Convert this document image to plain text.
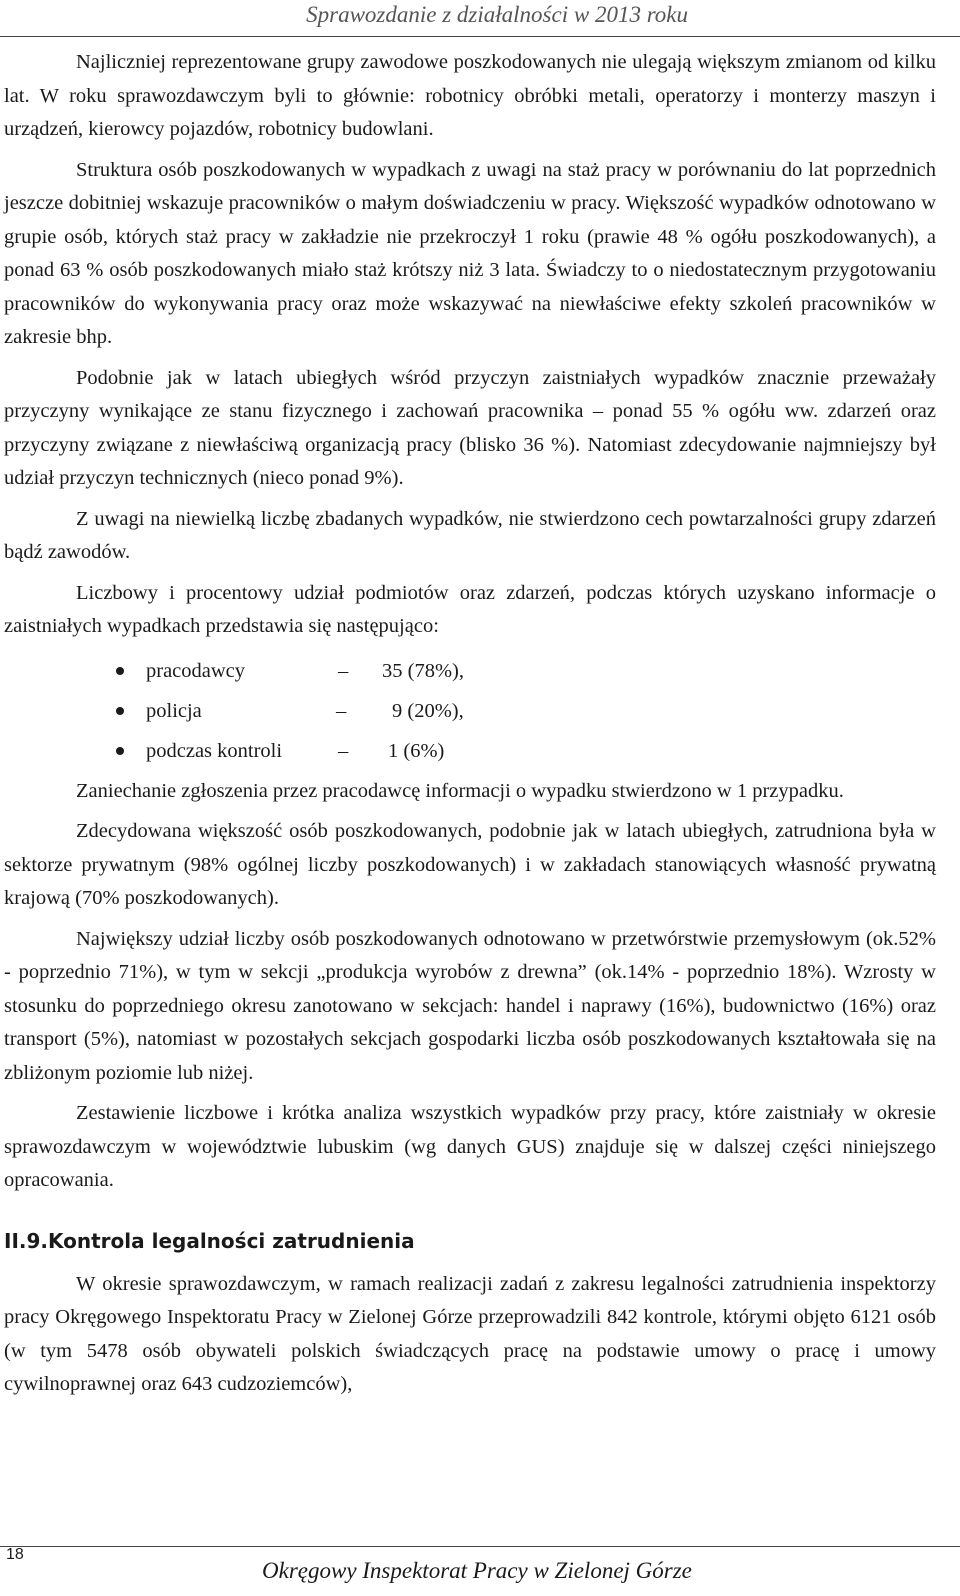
Sprawozdanie z działalności w 2013 roku

Najliczniej reprezentowane grupy zawodowe poszkodowanych nie ulegają większym zmianom od kilku lat. W roku sprawozdawczym byli to głównie: robotnicy obróbki metali, operatorzy i monterzy maszyn i urządzeń, kierowcy pojazdów, robotnicy budowlani.

Struktura osób poszkodowanych w wypadkach z uwagi na staż pracy w porównaniu do lat poprzednich jeszcze dobitniej wskazuje pracowników o małym doświadczeniu w pracy. Większość wypadków odnotowano w grupie osób, których staż pracy w zakładzie nie przekroczył 1 roku (prawie 48 % ogółu poszkodowanych), a ponad 63 % osób poszkodowanych miało staż krótszy niż 3 lata. Świadczy to o niedostatecznym przygotowaniu pracowników do wykonywania pracy oraz może wskazywać na niewłaściwe efekty szkoleń pracowników w zakresie bhp.

Podobnie jak w latach ubiegłych wśród przyczyn zaistniałych wypadków znacznie przeważały przyczyny wynikające ze stanu fizycznego i zachowań pracownika – ponad 55 % ogółu ww. zdarzeń oraz przyczyny związane z niewłaściwą organizacją pracy (blisko 36 %). Natomiast zdecydowanie najmniejszy był udział przyczyn technicznych (nieco ponad 9%).

Z uwagi na niewielką liczbę zbadanych wypadków, nie stwierdzono cech powtarzalności grupy zdarzeń bądź zawodów.

Liczbowy i procentowy udział podmiotów oraz zdarzeń, podczas których uzyskano informacje o zaistniałych wypadkach przedstawia się następująco:

pracodawcy	– 35 (78%),
policja	– 9 (20%),
podczas kontroli	– 1 (6%)

Zaniechanie zgłoszenia przez pracodawcę informacji o wypadku stwierdzono w 1 przypadku.

Zdecydowana większość osób poszkodowanych, podobnie jak w latach ubiegłych, zatrudniona była w sektorze prywatnym (98% ogólnej liczby poszkodowanych) i w zakładach stanowiących własność prywatną krajową (70% poszkodowanych).

Największy udział liczby osób poszkodowanych odnotowano w przetwórstwie przemysłowym (ok.52% - poprzednio 71%), w tym w sekcji „produkcja wyrobów z drewna” (ok.14% - poprzednio 18%). Wzrosty w stosunku do poprzedniego okresu zanotowano w sekcjach: handel i naprawy (16%), budownictwo (16%) oraz transport (5%), natomiast w pozostałych sekcjach gospodarki liczba osób poszkodowanych kształtowała się na zbliżonym poziomie lub niżej.

Zestawienie liczbowe i krótka analiza wszystkich wypadków przy pracy, które zaistniały w okresie sprawozdawczym w województwie lubuskim (wg danych GUS) znajduje się w dalszej części niniejszego opracowania.

II.9.Kontrola legalności zatrudnienia

W okresie sprawozdawczym, w ramach realizacji zadań z zakresu legalności zatrudnienia inspektorzy pracy Okręgowego Inspektoratu Pracy w Zielonej Górze przeprowadzili 842 kontrole, którymi objęto 6121 osób (w tym 5478 osób obywateli polskich świadczących pracę na podstawie umowy o pracę i umowy cywilnoprawnej oraz 643 cudzoziemców),

18
Okręgowy Inspektorat Pracy w Zielonej Górze
